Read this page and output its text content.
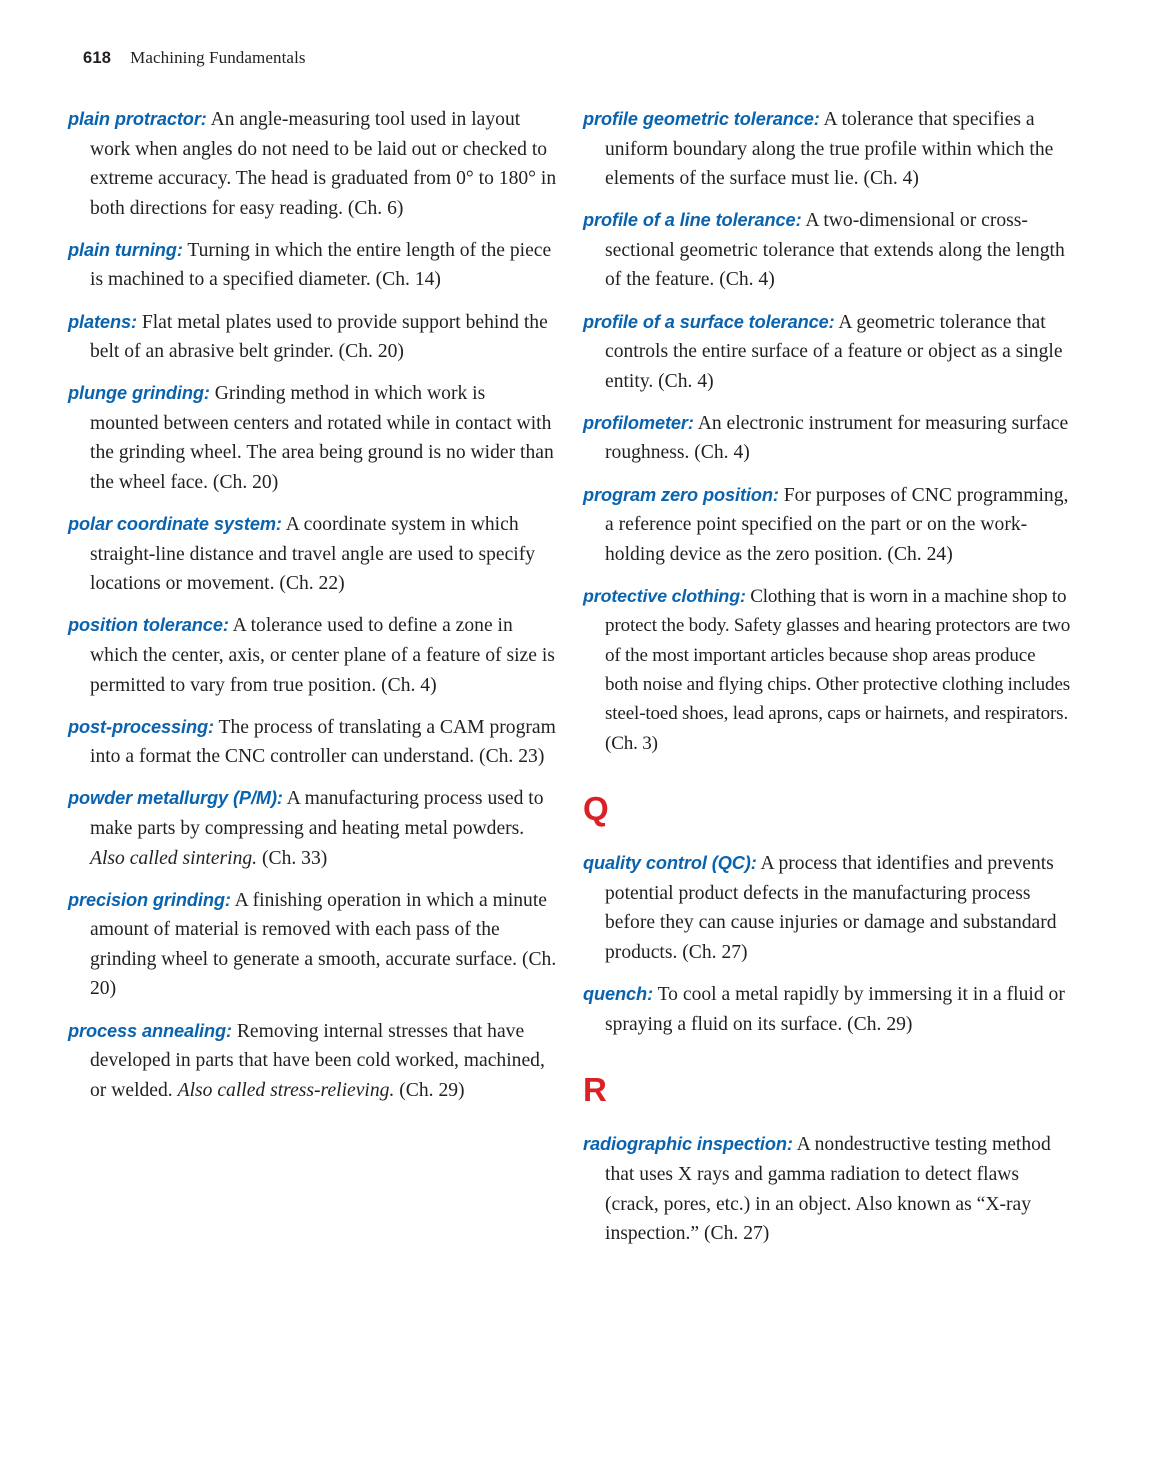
618 Machining Fundamentals

plain protractor: An angle-measuring tool used in layout work when angles do not need to be laid out or checked to extreme accuracy. The head is graduated from 0° to 180° in both directions for easy reading. (Ch. 6)

plain turning: Turning in which the entire length of the piece is machined to a specified diameter. (Ch. 14)

platens: Flat metal plates used to provide support behind the belt of an abrasive belt grinder. (Ch. 20)

plunge grinding: Grinding method in which work is mounted between centers and rotated while in contact with the grinding wheel. The area being ground is no wider than the wheel face. (Ch. 20)

polar coordinate system: A coordinate system in which straight-line distance and travel angle are used to specify locations or movement. (Ch. 22)

position tolerance: A tolerance used to define a zone in which the center, axis, or center plane of a feature of size is permitted to vary from true position. (Ch. 4)

post-processing: The process of translating a CAM program into a format the CNC controller can understand. (Ch. 23)

powder metallurgy (P/M): A manufacturing process used to make parts by compressing and heating metal powders. Also called sintering. (Ch. 33)

precision grinding: A finishing operation in which a minute amount of material is removed with each pass of the grinding wheel to generate a smooth, accurate surface. (Ch. 20)

process annealing: Removing internal stresses that have developed in parts that have been cold worked, machined, or welded. Also called stress-relieving. (Ch. 29)

profile geometric tolerance: A tolerance that specifies a uniform boundary along the true profile within which the elements of the surface must lie. (Ch. 4)

profile of a line tolerance: A two-dimensional or cross-sectional geometric tolerance that extends along the length of the feature. (Ch. 4)

profile of a surface tolerance: A geometric tolerance that controls the entire surface of a feature or object as a single entity. (Ch. 4)

profilometer: An electronic instrument for measuring surface roughness. (Ch. 4)

program zero position: For purposes of CNC programming, a reference point specified on the part or on the work-holding device as the zero position. (Ch. 24)

protective clothing: Clothing that is worn in a machine shop to protect the body. Safety glasses and hearing protectors are two of the most important articles because shop areas produce both noise and flying chips. Other protective clothing includes steel-toed shoes, lead aprons, caps or hairnets, and respirators. (Ch. 3)

Q

quality control (QC): A process that identifies and prevents potential product defects in the manufacturing process before they can cause injuries or damage and substandard products. (Ch. 27)

quench: To cool a metal rapidly by immersing it in a fluid or spraying a fluid on its surface. (Ch. 29)

R

radiographic inspection: A nondestructive testing method that uses X rays and gamma radiation to detect flaws (crack, pores, etc.) in an object. Also known as “X-ray inspection.” (Ch. 27)
